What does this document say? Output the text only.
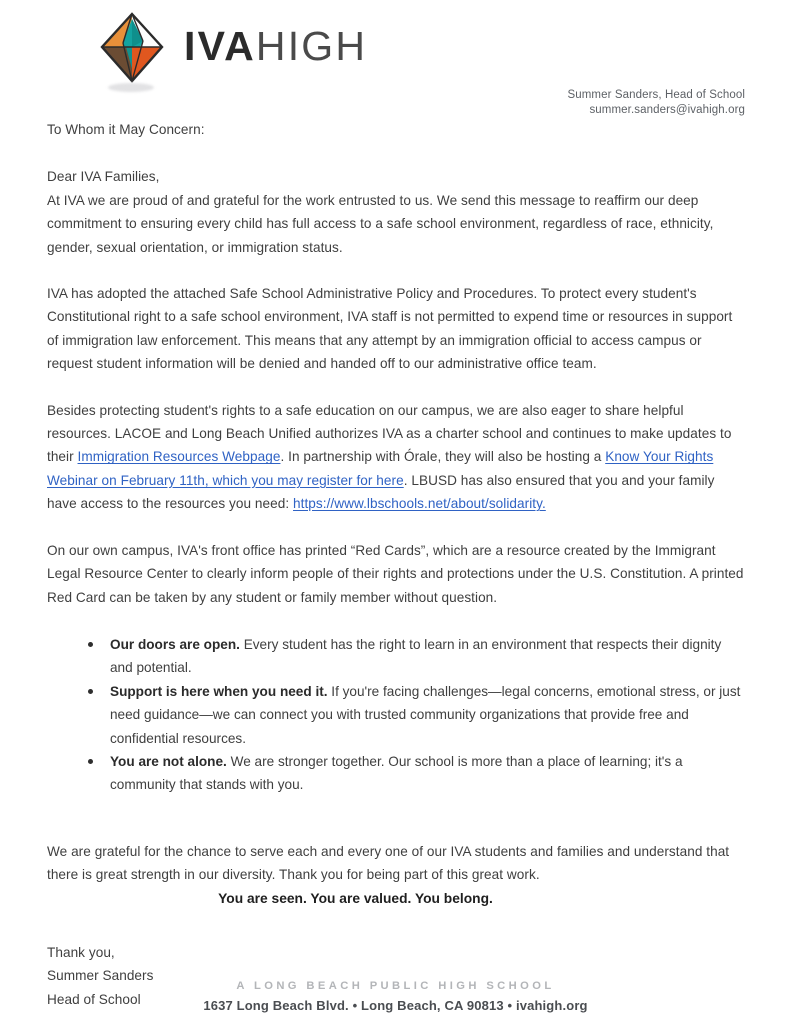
IVAHIGH
Summer Sanders, Head of School
summer.sanders@ivahigh.org

To Whom it May Concern:

Dear IVA Families,

At IVA we are proud of and grateful for the work entrusted to us. We send this message to reaffirm our deep commitment to ensuring every child has full access to a safe school environment, regardless of race, ethnicity, gender, sexual orientation, or immigration status.

IVA has adopted the attached Safe School Administrative Policy and Procedures. To protect every student's Constitutional right to a safe school environment, IVA staff is not permitted to expend time or resources in support of immigration law enforcement. This means that any attempt by an immigration official to access campus or request student information will be denied and handed off to our administrative office team.

Besides protecting student's rights to a safe education on our campus, we are also eager to share helpful resources. LACOE and Long Beach Unified authorizes IVA as a charter school and continues to make updates to their Immigration Resources Webpage. In partnership with Órale, they will also be hosting a Know Your Rights Webinar on February 11th, which you may register for here. LBUSD has also ensured that you and your family have access to the resources you need: https://www.lbschools.net/about/solidarity.

On our own campus, IVA's front office has printed “Red Cards”, which are a resource created by the Immigrant Legal Resource Center to clearly inform people of their rights and protections under the U.S. Constitution. A printed Red Card can be taken by any student or family member without question.

Our doors are open. Every student has the right to learn in an environment that respects their dignity and potential.
Support is here when you need it. If you're facing challenges—legal concerns, emotional stress, or just need guidance—we can connect you with trusted community organizations that provide free and confidential resources.
You are not alone. We are stronger together. Our school is more than a place of learning; it's a community that stands with you.

We are grateful for the chance to serve each and every one of our IVA students and families and understand that there is great strength in our diversity. Thank you for being part of this great work.

You are seen. You are valued. You belong.

Thank you,

Summer Sanders

Head of School

A LONG BEACH PUBLIC HIGH SCHOOL
1637 Long Beach Blvd. • Long Beach, CA 90813 • ivahigh.org
